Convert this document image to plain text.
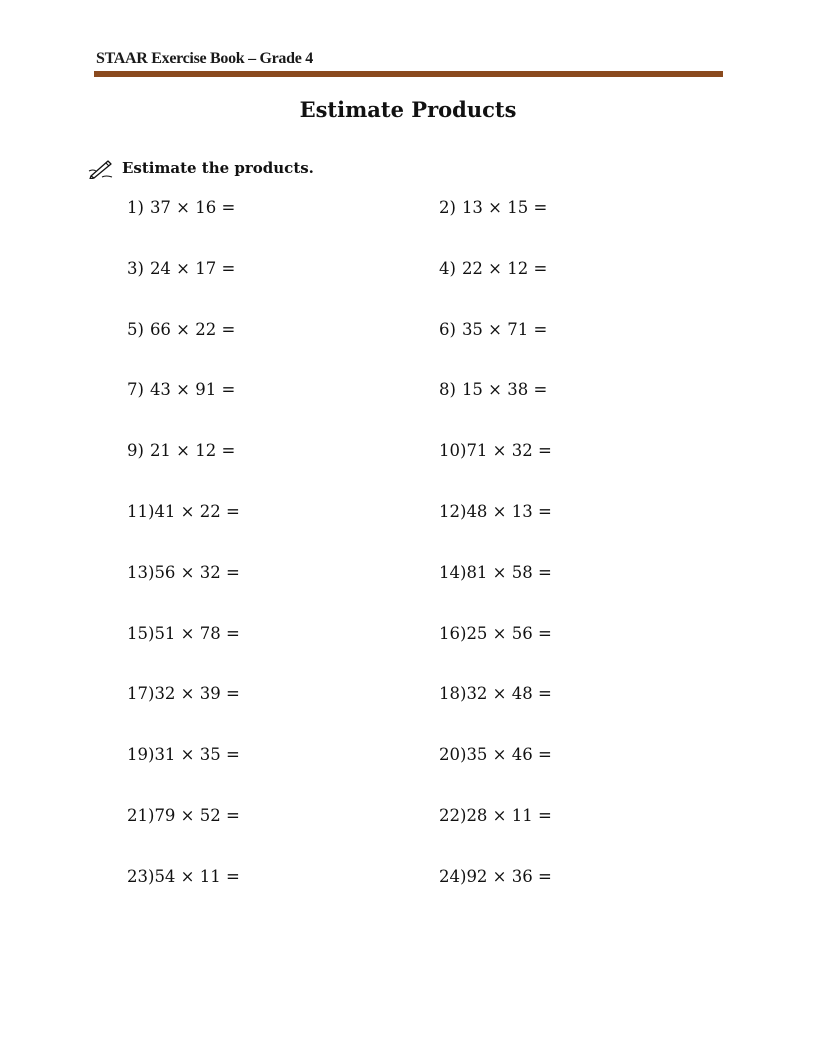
STAAR Exercise Book – Grade 4
Estimate Products
Estimate the products.
1) 37 × 16 =	2) 13 × 15 =
3) 24 × 17 =	4) 22 × 12 =
5) 66 × 22 =	6) 35 × 71 =
7) 43 × 91 =	8) 15 × 38 =
9) 21 × 12 =	10)71 × 32 =
11)41 × 22 =	12)48 × 13 =
13)56 × 32 =	14)81 × 58 =
15)51 × 78 =	16)25 × 56 =
17)32 × 39 =	18)32 × 48 =
19)31 × 35 =	20)35 × 46 =
21)79 × 52 =	22)28 × 11 =
23)54 × 11 =	24)92 × 36 =
